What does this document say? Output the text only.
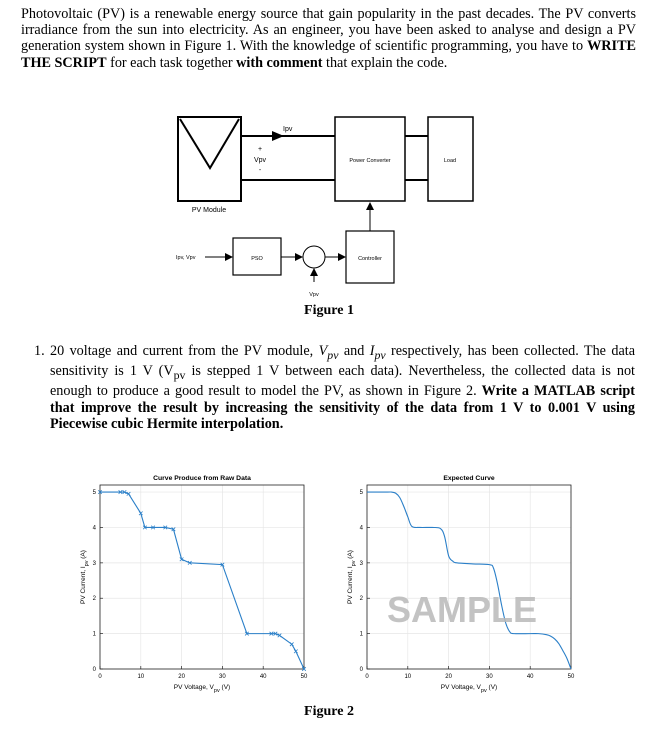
Photovoltaic (PV) is a renewable energy source that gain popularity in the past decades. The PV converts irradiance from the sun into electricity. As an engineer, you have been asked to analyse and design a PV generation system shown in Figure 1. With the knowledge of scientific programming, you have to WRITE THE SCRIPT for each task together with comment that explain the code.
PV Module
Ipv
+
Vpv
-
Power Converter	Load
Ipv, Vpv	PSO
Vpv
Controller
Figure 1
1. 20 voltage and current from the PV module, $V_{pv}$ and $I_{pv}$ respectively, has been collected. The data sensitivity is 1 V ($V_{pv}$ is stepped 1 V between each data). Nevertheless, the collected data is not enough to produce a good result to model the PV, as shown in Figure 2. Write a MATLAB script that improve the result by increasing the sensitivity of the data from 1 V to 0.001 V using Piecewise cubic Hermite interpolation.
0	10	20	30	40	50
0
1
2
3
4
5
Curve Produce from Raw Data
PV Voltage, $V_{pv}$ (V)
PV Current, $I_{pv}$ (A)
0	10	20	30	40	50
0
1
2
3
4
5
Expected Curve
PV Voltage, $V_{pv}$ (V)
PV Current, $I_{pv}$ (A)
SAMPLE
Figure 2
